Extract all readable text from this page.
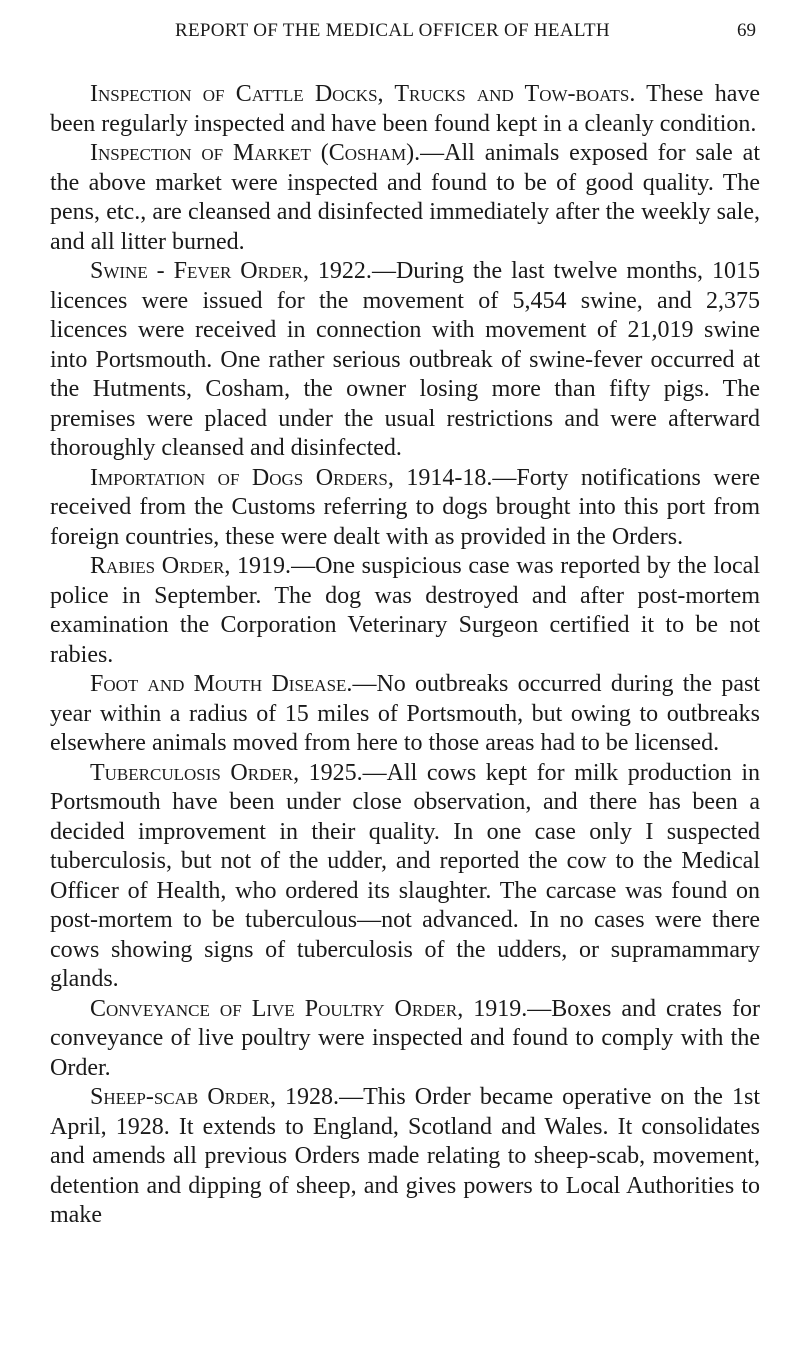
REPORT OF THE MEDICAL OFFICER OF HEALTH	69

Inspection of Cattle Docks, Trucks and Tow-boats. These have been regularly inspected and have been found kept in a cleanly condition.

Inspection of Market (Cosham).—All animals exposed for sale at the above market were inspected and found to be of good quality. The pens, etc., are cleansed and disinfected immediately after the weekly sale, and all litter burned.

Swine - Fever Order, 1922.—During the last twelve months, 1015 licences were issued for the movement of 5,454 swine, and 2,375 licences were received in connection with movement of 21,019 swine into Portsmouth. One rather serious outbreak of swine-fever occurred at the Hutments, Cosham, the owner losing more than fifty pigs. The premises were placed under the usual restrictions and were afterward thoroughly cleansed and disinfected.

Importation of Dogs Orders, 1914-18.—Forty notifications were received from the Customs referring to dogs brought into this port from foreign countries, these were dealt with as provided in the Orders.

Rabies Order, 1919.—One suspicious case was reported by the local police in September. The dog was destroyed and after post-mortem examination the Corporation Veterinary Surgeon certified it to be not rabies.

Foot and Mouth Disease.—No outbreaks occurred during the past year within a radius of 15 miles of Portsmouth, but owing to outbreaks elsewhere animals moved from here to those areas had to be licensed.

Tuberculosis Order, 1925.—All cows kept for milk production in Portsmouth have been under close observation, and there has been a decided improvement in their quality. In one case only I suspected tuberculosis, but not of the udder, and reported the cow to the Medical Officer of Health, who ordered its slaughter. The carcase was found on post-mortem to be tuberculous—not advanced. In no cases were there cows showing signs of tuberculosis of the udders, or supramammary glands.

Conveyance of Live Poultry Order, 1919.—Boxes and crates for conveyance of live poultry were inspected and found to comply with the Order.

Sheep-scab Order, 1928.—This Order became operative on the 1st April, 1928. It extends to England, Scotland and Wales. It consolidates and amends all previous Orders made relating to sheep-scab, movement, detention and dipping of sheep, and gives powers to Local Authorities to make
